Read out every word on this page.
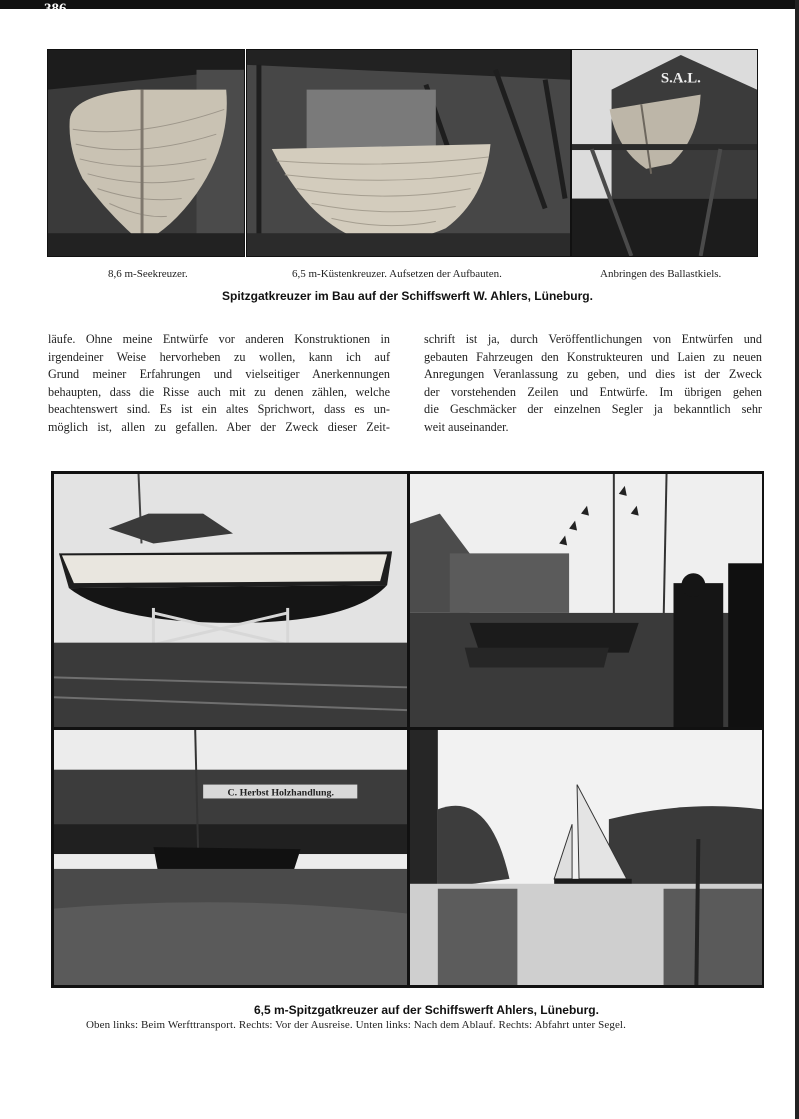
386
S.A.L.
8,6 m-Seekreuzer.	6,5 m-Küstenkreuzer. Aufsetzen der Aufbauten.	Anbringen des Ballastkiels.
Spitzgatkreuzer im Bau auf der Schiffswerft W. Ahlers, Lüneburg.
läufe. Ohne meine Entwürfe vor anderen Konstruktionen in
irgendeiner Weise hervorheben zu wollen, kann ich auf
Grund meiner Erfahrungen und vielseitiger Anerkennungen
behaupten, dass die Risse auch mit zu denen zählen, welche
beachtenswert sind. Es ist ein altes Sprichwort, dass es un-
möglich ist, allen zu gefallen. Aber der Zweck dieser Zeit-
schrift ist ja, durch Veröffentlichungen von Entwürfen und
gebauten Fahrzeugen den Konstrukteuren und Laien zu neuen
Anregungen Veranlassung zu geben, und dies ist der Zweck
der vorstehenden Zeilen und Entwürfe. Im übrigen gehen
die Geschmäcker der einzelnen Segler ja bekanntlich sehr
weit auseinander.
C. Herbst Holzhandlung.
6,5 m-Spitzgatkreuzer auf der Schiffswerft Ahlers, Lüneburg.
Oben links: Beim Werfttransport. Rechts: Vor der Ausreise. Unten links: Nach dem Ablauf. Rechts: Abfahrt unter Segel.
